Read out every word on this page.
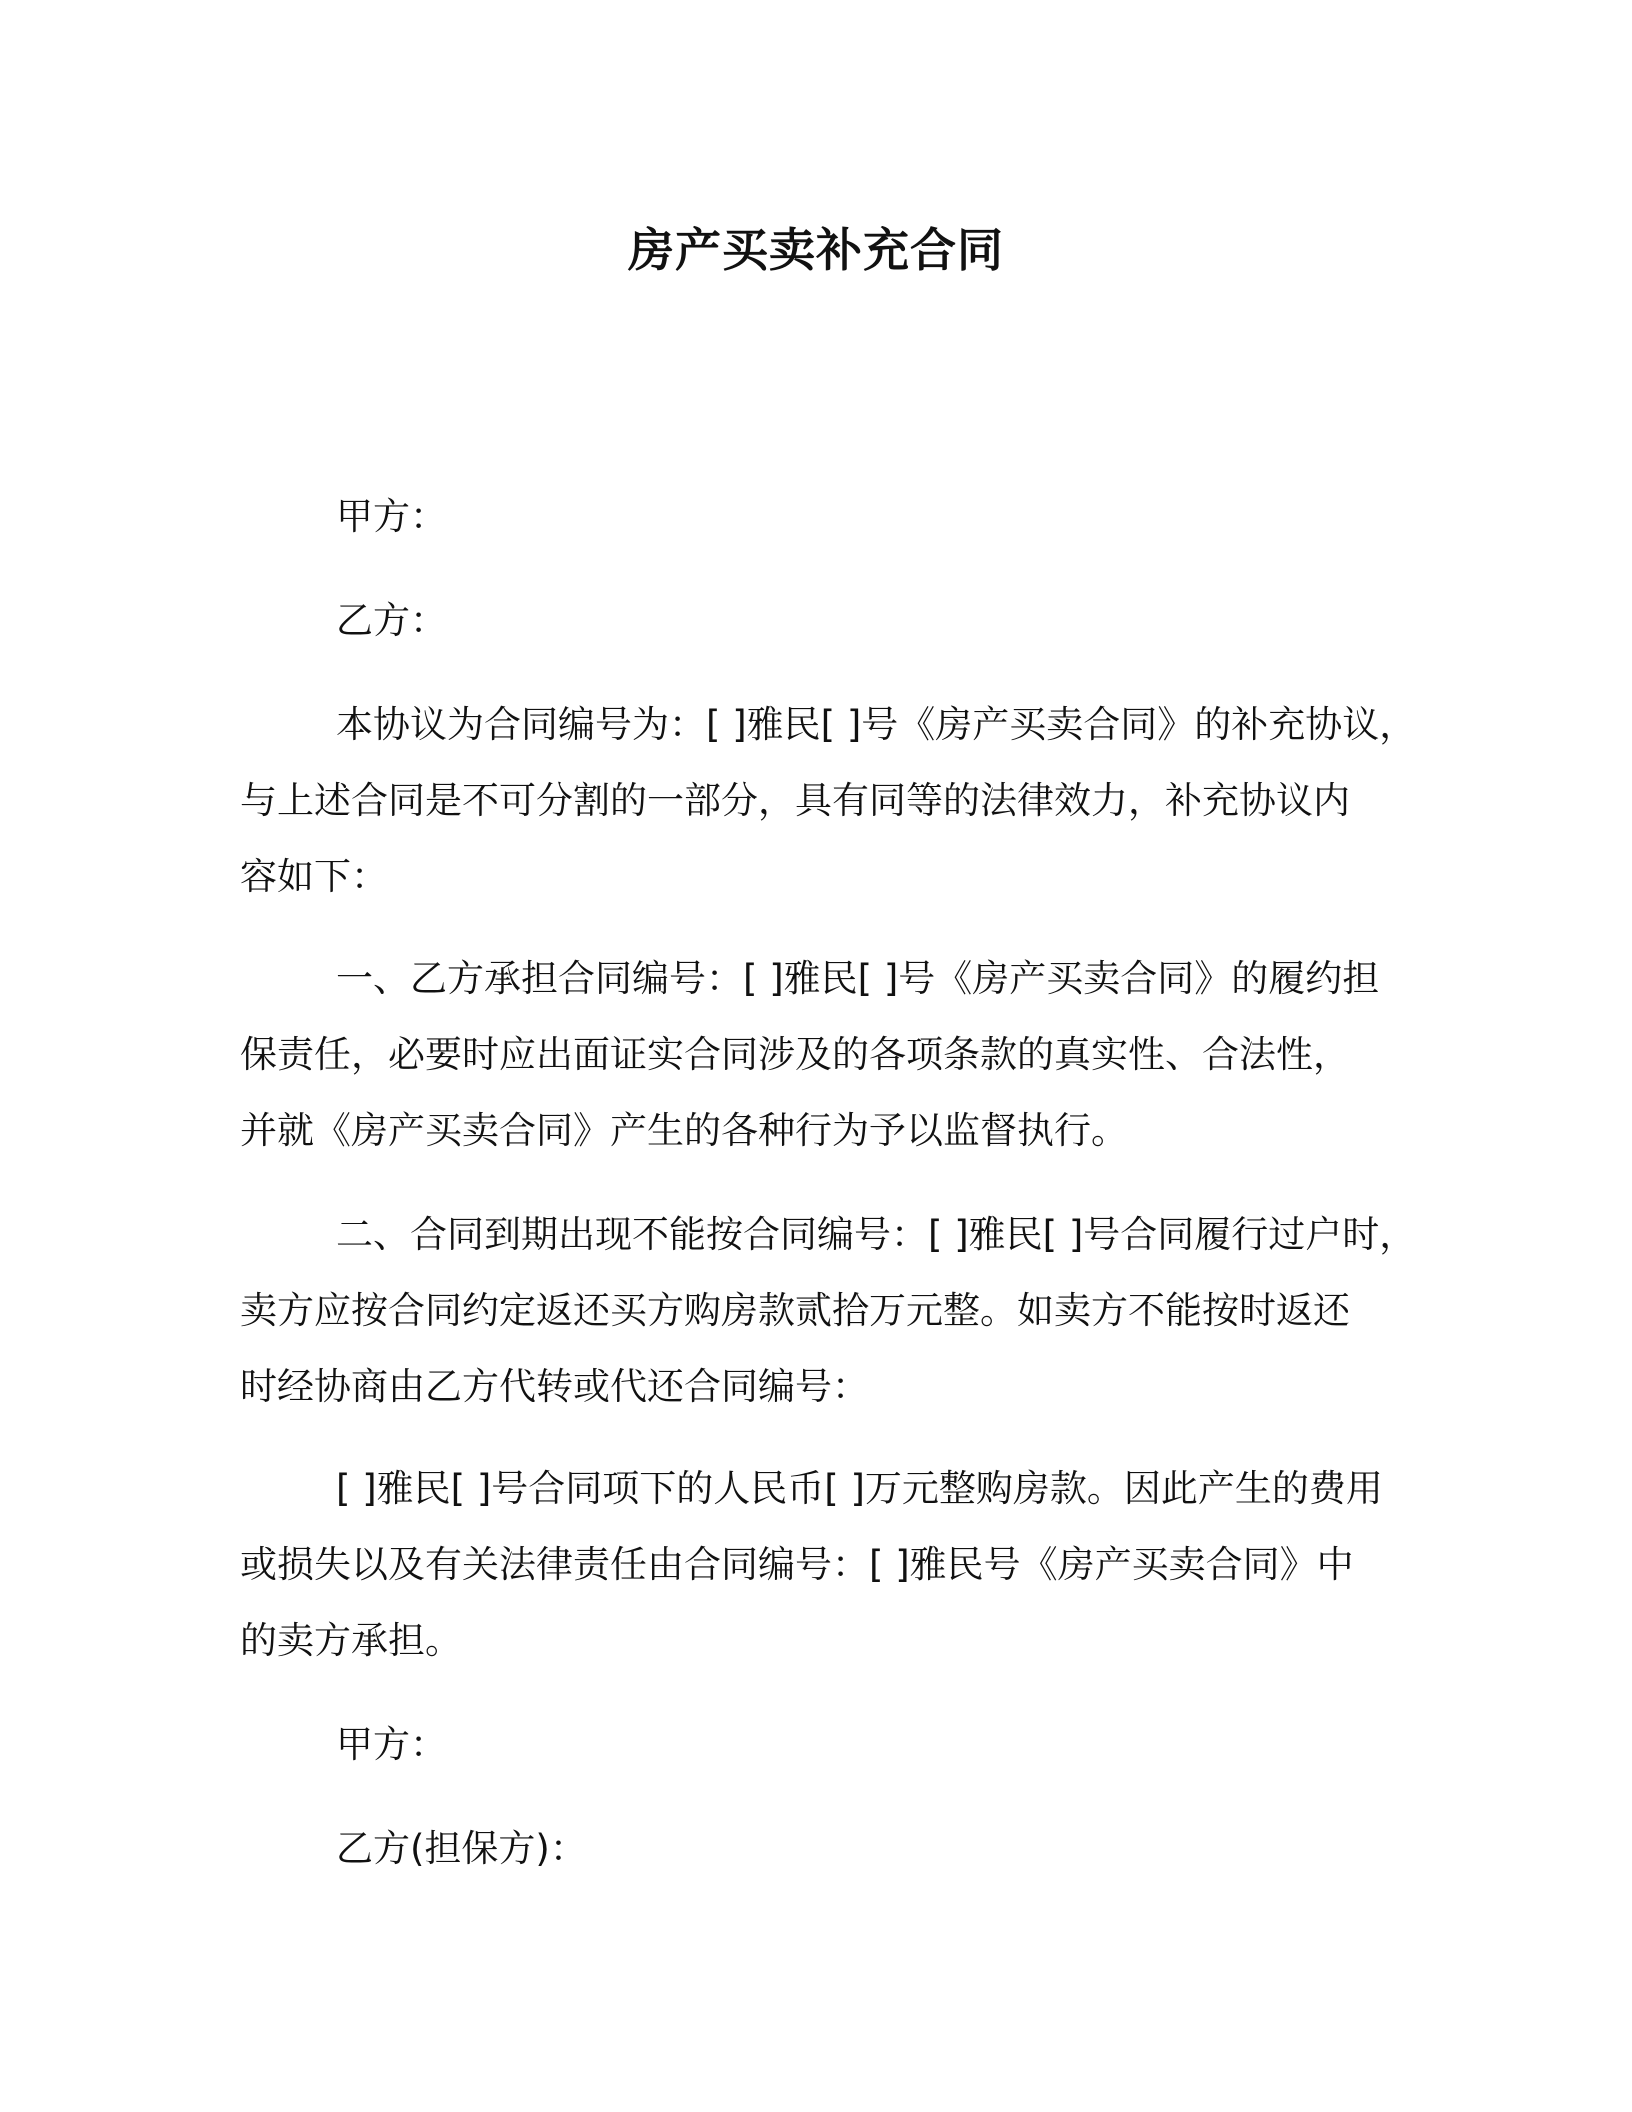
房产买卖补充合同
甲方：
乙方：
本协议为合同编号为：[ ]雅民[ ]号《房产买卖合同》的补充协议，
与上述合同是不可分割的一部分，具有同等的法律效力，补充协议内
容如下：
一、乙方承担合同编号：[ ]雅民[ ]号《房产买卖合同》的履约担
保责任，必要时应出面证实合同涉及的各项条款的真实性、合法性，
并就《房产买卖合同》产生的各种行为予以监督执行。
二、合同到期出现不能按合同编号：[ ]雅民[ ]号合同履行过户时，
卖方应按合同约定返还买方购房款贰拾万元整。如卖方不能按时返还
时经协商由乙方代转或代还合同编号：
[ ]雅民[ ]号合同项下的人民币[ ]万元整购房款。因此产生的费用
或损失以及有关法律责任由合同编号：[ ]雅民号《房产买卖合同》中
的卖方承担。
甲方：
乙方(担保方)：
